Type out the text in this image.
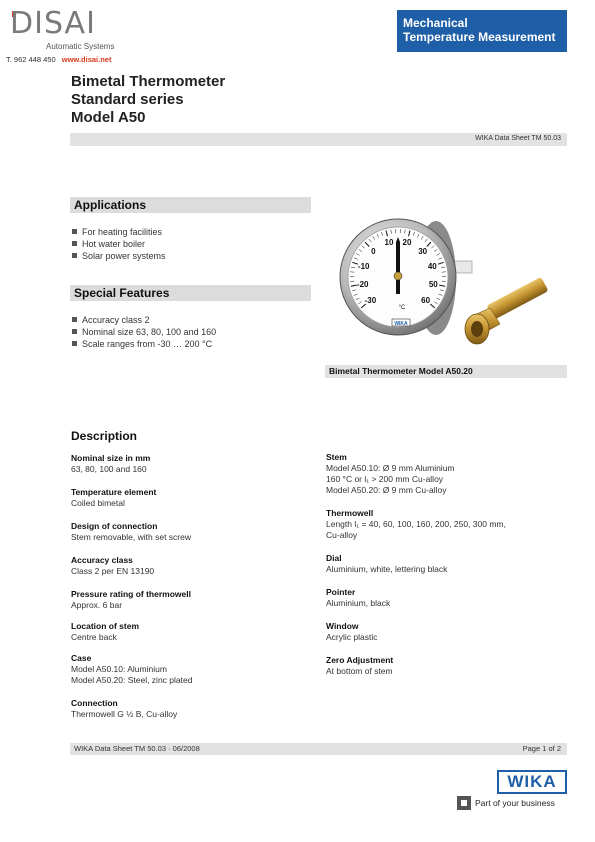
DISAI
Automatic Systems
T. 962 448 450 www.disai.net
Mechanical
Temperature Measurement
Bimetal Thermometer
Standard series
Model A50
WIKA Data Sheet TM 50.03
Applications
For heating facilities
Hot water boiler
Solar power systems
Special Features
Accuracy class 2
Nominal size 63, 80, 100 and 160
Scale ranges from -30 … 200 °C
-30
-20
-10
0
10 20
30
40
50
60
°C
WIKA
Bimetal Thermometer Model A50.20
Description
Nominal size in mm
63, 80, 100 and 160
Temperature element
Coiled bimetal
Design of connection
Stem removable, with set screw
Accuracy class
Class 2 per EN 13190
Pressure rating of thermowell
Approx. 6 bar
Location of stem
Centre back
Case
Model A50.10: Aluminium
Model A50.20: Steel, zinc plated
Connection
Thermowell G ½ B, Cu-alloy
Stem
Model A50.10: Ø 9 mm Aluminium
160 °C or l₁ > 200 mm Cu-alloy
Model A50.20: Ø 9 mm Cu-alloy
Thermowell
Length l₁ = 40, 60, 100, 160, 200, 250, 300 mm,
Cu-alloy
Dial
Aluminium, white, lettering black
Pointer
Aluminium, black
Window
Acrylic plastic
Zero Adjustment
At bottom of stem
WIKA Data Sheet TM 50.03 · 06/2008	Page 1 of 2
WIKA
Part of your business
